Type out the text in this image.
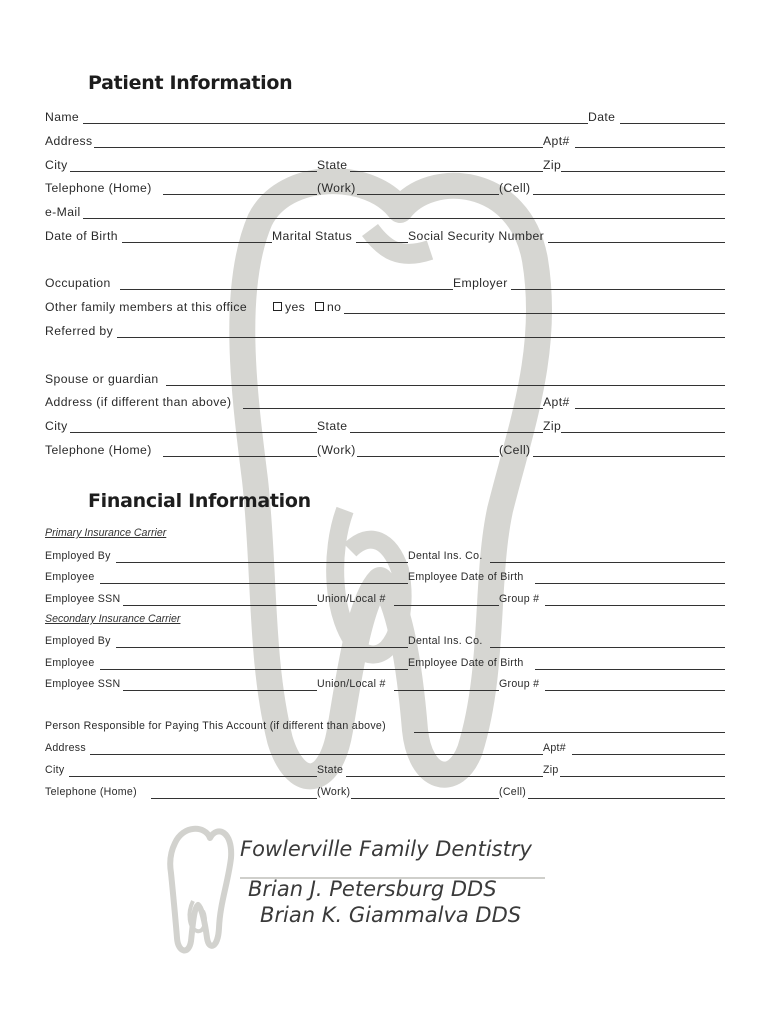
Patient Information
Name	Date
Address	Apt#
City	State	Zip
Telephone (Home)	(Work)	(Cell)
e-Mail
Date of Birth	Marital Status	Social Security Number
Occupation	Employer
Other family members at this office	yes	no
Referred by
Spouse or guardian
Address (if different than above)	Apt#
City	State	Zip
Telephone (Home)	(Work)	(Cell)
Financial Information
Primary Insurance Carrier
Employed By	Dental Ins. Co.
Employee	Employee Date of Birth
Employee SSN	Union/Local #	Group #
Secondary Insurance Carrier
Employed By	Dental Ins. Co.
Employee	Employee Date of Birth
Employee SSN	Union/Local #	Group #
Person Responsible for Paying This Account (if different than above)
Address	Apt#
City	State	Zip
Telephone (Home)	(Work)	(Cell)
Fowlerville Family Dentistry
Brian J. Petersburg DDS
Brian K. Giammalva DDS
